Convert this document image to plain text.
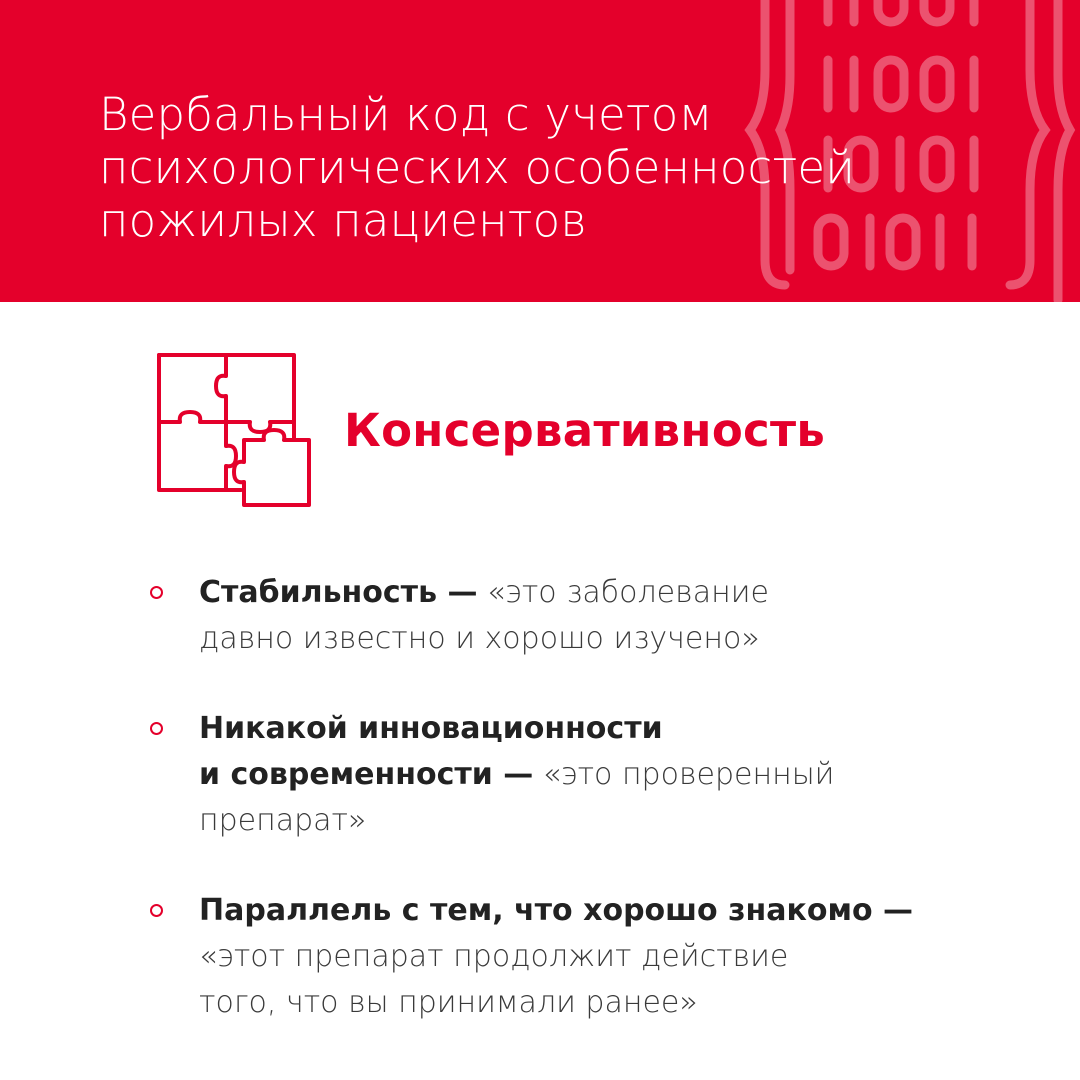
Вербальный код с учетом
психологических особенностей
пожилых пациентов
Консервативность
Стабильность — «это заболевание
давно известно и хорошо изучено»
Никакой инновационности
и современности — «это проверенный
препарат»
Параллель с тем, что хорошо знакомо —
«этот препарат продолжит действие
того, что вы принимали ранее»
